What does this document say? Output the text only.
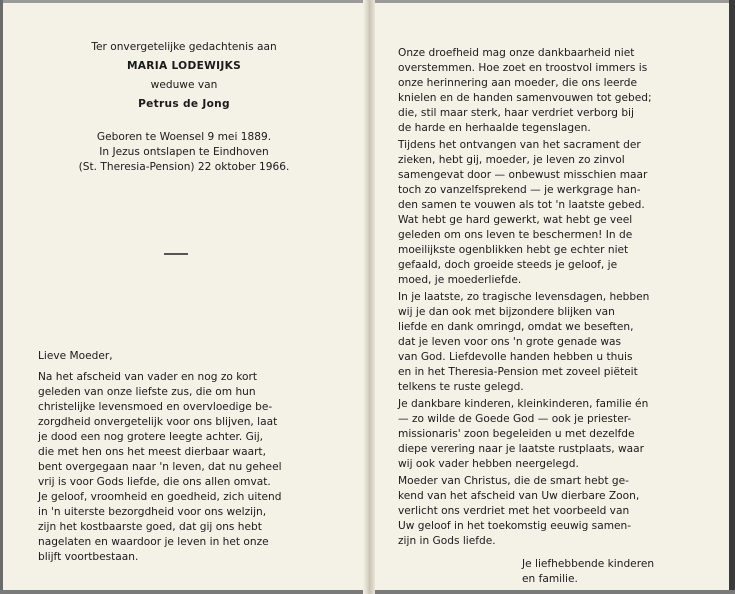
Ter onvergetelijke gedachtenis aan

MARIA LODEWIJKS

weduwe van

Petrus de Jong

Geboren te Woensel 9 mei 1889.

In Jezus ontslapen te Eindhoven

(St. Theresia-Pension) 22 oktober 1966.

Lieve Moeder,

Na het afscheid van vader en nog zo kort

geleden van onze liefste zus, die om hun

christelijke levensmoed en overvloedige be-

zorgdheid onvergetelijk voor ons blijven, laat

je dood een nog grotere leegte achter. Gij,

die met hen ons het meest dierbaar waart,

bent overgegaan naar 'n leven, dat nu geheel

vrij is voor Gods liefde, die ons allen omvat.

Je geloof, vroomheid en goedheid, zich uitend

in 'n uiterste bezorgdheid voor ons welzijn,

zijn het kostbaarste goed, dat gij ons hebt

nagelaten en waardoor je leven in het onze

blijft voortbestaan.

Onze droefheid mag onze dankbaarheid niet

overstemmen. Hoe zoet en troostvol immers is

onze herinnering aan moeder, die ons leerde

knielen en de handen samenvouwen tot gebed;

die, stil maar sterk, haar verdriet verborg bij

de harde en herhaalde tegenslagen.

Tijdens het ontvangen van het sacrament der

zieken, hebt gij, moeder, je leven zo zinvol

samengevat door — onbewust misschien maar

toch zo vanzelfsprekend — je werkgrage han-

den samen te vouwen als tot 'n laatste gebed.

Wat hebt ge hard gewerkt, wat hebt ge veel

geleden om ons leven te beschermen! In de

moeilijkste ogenblikken hebt ge echter niet

gefaald, doch groeide steeds je geloof, je

moed, je moederliefde.

In je laatste, zo tragische levensdagen, hebben

wij je dan ook met bijzondere blijken van

liefde en dank omringd, omdat we beseften,

dat je leven voor ons 'n grote genade was

van God. Liefdevolle handen hebben u thuis

en in het Theresia-Pension met zoveel piëteit

telkens te ruste gelegd.

Je dankbare kinderen, kleinkinderen, familie én

— zo wilde de Goede God — ook je priester-

missionaris' zoon begeleiden u met dezelfde

diepe verering naar je laatste rustplaats, waar

wij ook vader hebben neergelegd.

Moeder van Christus, die de smart hebt ge-

kend van het afscheid van Uw dierbare Zoon,

verlicht ons verdriet met het voorbeeld van

Uw geloof in het toekomstig eeuwig samen-

zijn in Gods liefde.

Je liefhebbende kinderen

en familie.
